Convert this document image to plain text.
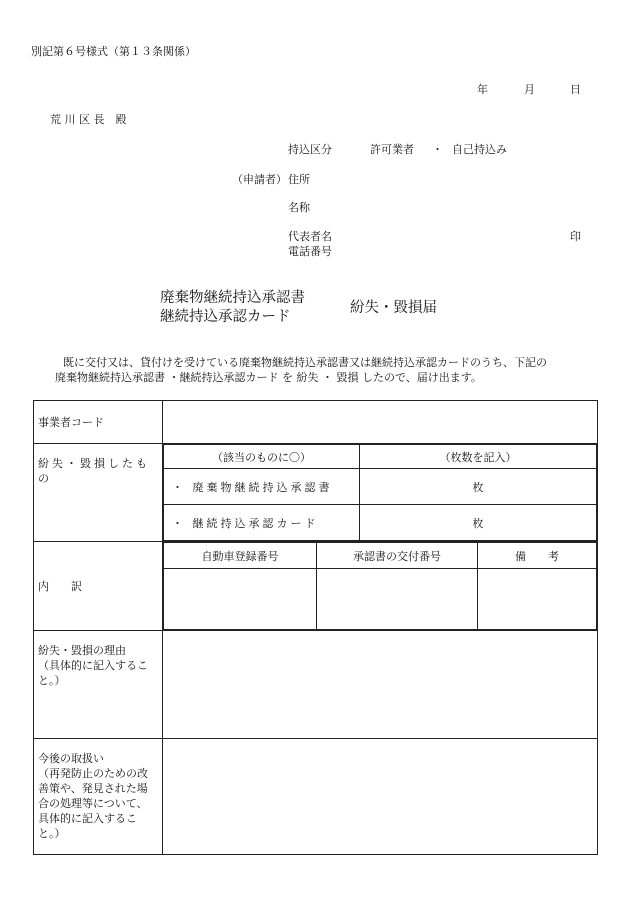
別記第６号様式（第１３条関係）
年	月	日
荒 川 区 長　殿
持込区分	許可業者 ・ 自己持込み
（申請者） 住所
名称
代表者名	印
電話番号
廃棄物継続持込承認書
継続持込承認カード
紛失・毀損届
既に交付又は、貸付けを受けている廃棄物継続持込承認書又は継続持込承認カードのうち、下記の
廃棄物継続持込承認書 ・継続持込承認カード を 紛失 ・ 毀損 したので、届け出ます。
事業者コード	

紛失・毀損したもの

（該当のものに〇）	（枚数を記入）
・ 廃棄物継続持込承認書	枚
・ 継続持込承認カード	枚

内　　訳	
自動車登録番号	承認書の交付番号	備　　考

紛失・毀損の理由
（具体的に記入するこ と。）

今後の取扱い
（再発防止のための改善策や、発見された場合の処理等について、具体的に記入すること。）
